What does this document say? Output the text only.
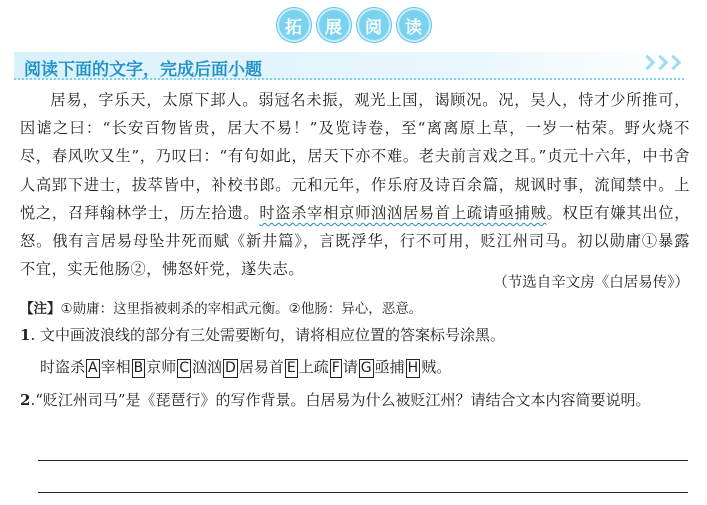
拓	展	阅	读
阅读下面的文字，完成后面小题

居易，字乐天，太原下邽人。弱冠名未振，观光上国，谒顾况。况，吴人，恃才少所推可，因谑之曰：“长安百物皆贵，居大不易！”及览诗卷，至“离离原上草，一岁一枯荣。野火烧不尽，春风吹又生”，乃叹曰：“有句如此，居天下亦不难。老夫前言戏之耳。”贞元十六年，中书舍人高郢下进士，拔萃皆中，补校书郎。元和元年，作乐府及诗百余篇，规讽时事，流闻禁中。上悦之，召拜翰林学士，历左拾遗。时盗杀宰相京师汹汹居易首上疏请亟捕贼。权臣有嫌其出位，怒。俄有言居易母坠井死而赋《新井篇》，言既浮华，行不可用，贬江州司马。初以勋庸①暴露不宜，实无他肠②，怫怒奸党，遂失志。

（节选自辛文房《白居易传》）
【注】①勋庸：这里指被刺杀的宰相武元衡。②他肠：异心，恶意。
1. 文中画波浪线的部分有三处需要断句，请将相应位置的答案标号涂黑。
时盗杀 A 宰相 B 京师 C 汹汹 D 居易首 E 上疏 F 请 G 亟捕 H 贼。
2.“贬江州司马”是《琵琶行》的写作背景。白居易为什么被贬江州？请结合文本内容简要说明。
